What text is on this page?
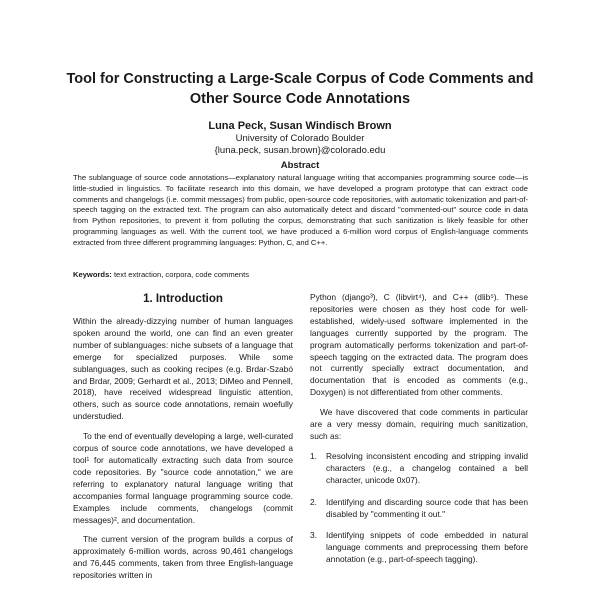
Tool for Constructing a Large-Scale Corpus of Code Comments and
Other Source Code Annotations
Luna Peck, Susan Windisch Brown
University of Colorado Boulder
{luna.peck, susan.brown}@colorado.edu
Abstract
The sublanguage of source code annotations—explanatory natural language writing that accompanies programming source code—is little-studied in linguistics. To facilitate research into this domain, we have developed a program prototype that can extract code comments and changelogs (i.e. commit messages) from public, open-source code repositories, with automatic tokenization and part-of-speech tagging on the extracted text. The program can also automatically detect and discard "commented-out" source code in data from Python repositories, to prevent it from polluting the corpus, demonstrating that such sanitization is likely feasible for other programming languages as well. With the current tool, we have produced a 6-million word corpus of English-language comments extracted from three different programming languages: Python, C, and C++.
Keywords: text extraction, corpora, code comments
1. Introduction

Within the already-dizzying number of human languages spoken around the world, one can find an even greater number of sublanguages: niche subsets of a language that emerge for specialized purposes. While some sublanguages, such as cooking recipes (e.g. Brdar-Szabó and Brdar, 2009; Gerhardt et al., 2013; DiMeo and Pennell, 2018), have received widespread linguistic attention, others, such as source code annotations, remain woefully understudied.

To the end of eventually developing a large, well-curated corpus of source code annotations, we have developed a tool¹ for automatically extracting such data from source code repositories. By "source code annotation," we are referring to explanatory natural language writing that accompanies formal language programming source code. Examples include comments, changelogs (commit messages)², and documentation.

The current version of the program builds a corpus of approximately 6-million words, across 90,461 changelogs and 76,445 comments, taken from three English-language repositories written in

Python (django³), C (libvirt⁴), and C++ (dlib⁵). These repositories were chosen as they host code for well-established, widely-used software implemented in the languages currently supported by the program. The program automatically performs tokenization and part-of-speech tagging on the extracted data. The program does not currently specially extract documentation, and documentation that is encoded as comments (e.g., Doxygen) is not differentiated from other comments.

We have discovered that code comments in particular are a very messy domain, requiring much sanitization, such as:

1. Resolving inconsistent encoding and stripping invalid characters (e.g., a changelog contained a bell character, unicode 0x07).
2. Identifying and discarding source code that has been disabled by "commenting it out."
3. Identifying snippets of code embedded in natural language comments and preprocessing them before annotation (e.g., part-of-speech tagging).
